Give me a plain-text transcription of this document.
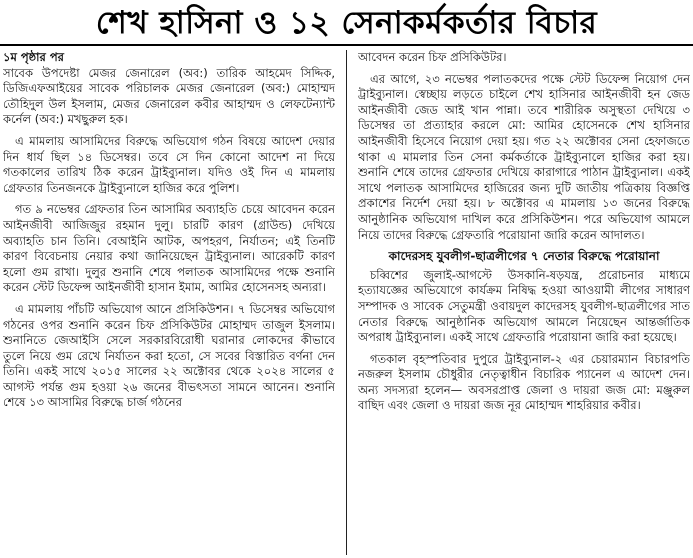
শেখ হাসিনা ও ১২ সেনাকর্মকর্তার বিচার

১ম পৃষ্ঠার পর
সাবেক উপদেষ্টা মেজর জেনারেল (অব:) তারিক আহমেদ সিদ্দিক, ডিজিএফআইয়ের সাবেক পরিচালক মেজর জেনারেল (অব:) মোহাম্মদ তৌহিদুল উল ইসলাম, মেজর জেনারেল কবীর আহাম্মদ ও লেফটেন্যান্ট কর্নেল (অব:) মখছুরুল হক।

এ মামলায় আসামিদের বিরুদ্ধে অভিযোগ গঠন বিষয়ে আদেশ দেয়ার দিন ধার্য ছিল ১৪ ডিসেম্বর। তবে সে দিন কোনো আদেশ না দিয়ে গতকালের তারিখ ঠিক করেন ট্রাইব্যুনাল। যদিও ওই দিন এ মামলায় গ্রেফতার তিনজনকে ট্রাইব্যুনালে হাজির করে পুলিশ।

গত ৯ নভেম্বর গ্রেফতার তিন আসামির অব্যাহতি চেয়ে আবেদন করেন আইনজীবী আজিজুর রহমান দুলু। চারটি কারণ (গ্রাউন্ড) দেখিয়ে অব্যাহতি চান তিনি। বেআইনি আটক, অপহরণ, নির্যাতন; এই তিনটি কারণ বিবেচনায় নেয়ার কথা জানিয়েছেন ট্রাইব্যুনাল। আরেকটি কারণ হলো গুম রাখা। দুলুর শুনানি শেষে পলাতক আসামিদের পক্ষে শুনানি করেন স্টেট ডিফেন্স আইনজীবী হাসান ইমাম, আমির হোসেনসহ অন্যরা।

এ মামলায় পাঁচটি অভিযোগ আনে প্রসিকিউশন। ৭ ডিসেম্বর অভিযোগ গঠনের ওপর শুনানি করেন চিফ প্রসিকিউটর মোহাম্মদ তাজুল ইসলাম। শুনানিতে জেআইসি সেলে সরকারবিরোধী ঘরানার লোকদের কীভাবে তুলে নিয়ে গুম রেখে নির্যাতন করা হতো, সে সবের বিস্তারিত বর্ণনা দেন তিনি। একই সাথে ২০১৫ সালের ২২ অক্টোবর থেকে ২০২৪ সালের ৫ আগস্ট পর্যন্ত গুম হওয়া ২৬ জনের বীভৎসতা সামনে আনেন। শুনানি শেষে ১৩ আসামির বিরুদ্ধে চার্জ গঠনের

আবেদন করেন চিফ প্রসিকিউটর।

এর আগে, ২৩ নভেম্বর পলাতকদের পক্ষে স্টেট ডিফেন্স নিয়োগ দেন ট্রাইব্যুনাল। স্বেচ্ছায় লড়তে চাইলে শেখ হাসিনার আইনজীবী হন জেড আইনজীবী জেড আই খান পান্না। তবে শারীরিক অসুস্থতা দেখিয়ে ৩ ডিসেম্বর তা প্রত্যাহার করলে মো: আমির হোসেনকে শেখ হাসিনার আইনজীবী হিসেবে নিয়োগ দেয়া হয়। গত ২২ অক্টোবর সেনা হেফাজতে থাকা এ মামলার তিন সেনা কর্মকর্তাকে ট্রাইব্যুনালে হাজির করা হয়। শুনানি শেষে তাদের গ্রেফতার দেখিয়ে কারাগারে পাঠান ট্রাইব্যুনাল। একই সাথে পলাতক আসামিদের হাজিরের জন্য দুটি জাতীয় পত্রিকায় বিজ্ঞপ্তি প্রকাশের নির্দেশ দেয়া হয়। ৮ অক্টোবর এ মামলায় ১৩ জনের বিরুদ্ধে আনুষ্ঠানিক অভিযোগ দাখিল করে প্রসিকিউশন। পরে অভিযোগ আমলে নিয়ে তাদের বিরুদ্ধে গ্রেফতারি পরোয়ানা জারি করেন আদালত।

কাদেরসহ যুবলীগ-ছাত্রলীগের ৭ নেতার বিরুদ্ধে পরোয়ানা

চব্বিশের জুলাই-আগস্টে উসকানি-ষড়যন্ত্র, প্ররোচনার মাধ্যমে হত্যাযজ্ঞের অভিযোগে কার্যক্রম নিষিদ্ধ হওয়া আওয়ামী লীগের সাধারণ সম্পাদক ও সাবেক সেতুমন্ত্রী ওবায়দুল কাদেরসহ যুবলীগ-ছাত্রলীগের সাত নেতার বিরুদ্ধে আনুষ্ঠানিক অভিযোগ আমলে নিয়েছেন আন্তর্জাতিক অপরাধ ট্রাইব্যুনাল। একই সাথে গ্রেফতারি পরোয়ানা জারি করা হয়েছে।

গতকাল বৃহস্পতিবার দুপুরে ট্রাইব্যুনাল-২ এর চেয়ারম্যান বিচারপতি নজরুল ইসলাম চৌধুরীর নেতৃত্বাধীন বিচারিক প্যানেল এ আদেশ দেন। অন্য সদস্যরা হলেন— অবসরপ্রাপ্ত জেলা ও দায়রা জজ মো: মঞ্জুরুল বাছিদ এবং জেলা ও দায়রা জজ নূর মোহাম্মদ শাহরিয়ার কবীর।
